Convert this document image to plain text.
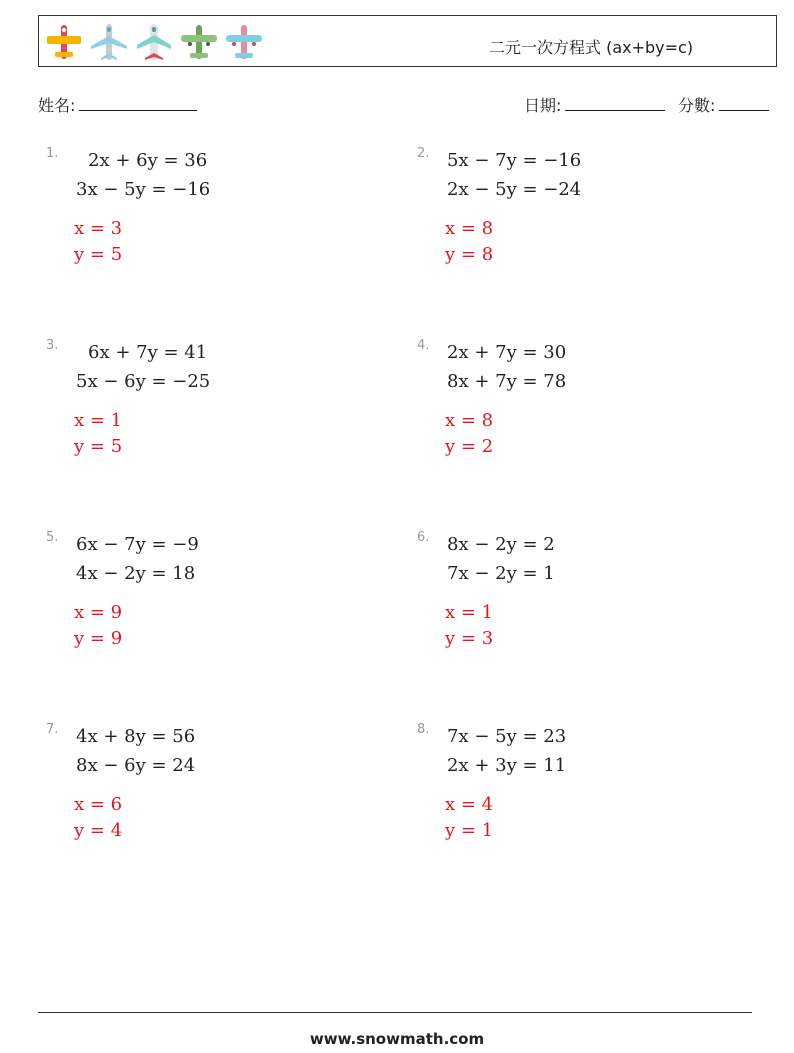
二元一次方程式 (ax+by=c)
姓名:	日期:	分數:
1. 2x + 6y = 36
3x − 5y = −16
x = 3
y = 5
2. 5x − 7y = −16
2x − 5y = −24
x = 8
y = 8
3. 6x + 7y = 41
5x − 6y = −25
x = 1
y = 5
4. 2x + 7y = 30
8x + 7y = 78
x = 8
y = 2
5. 6x − 7y = −9
4x − 2y = 18
x = 9
y = 9
6. 8x − 2y = 2
7x − 2y = 1
x = 1
y = 3
7. 4x + 8y = 56
8x − 6y = 24
x = 6
y = 4
8. 7x − 5y = 23
2x + 3y = 11
x = 4
y = 1
www.snowmath.com
